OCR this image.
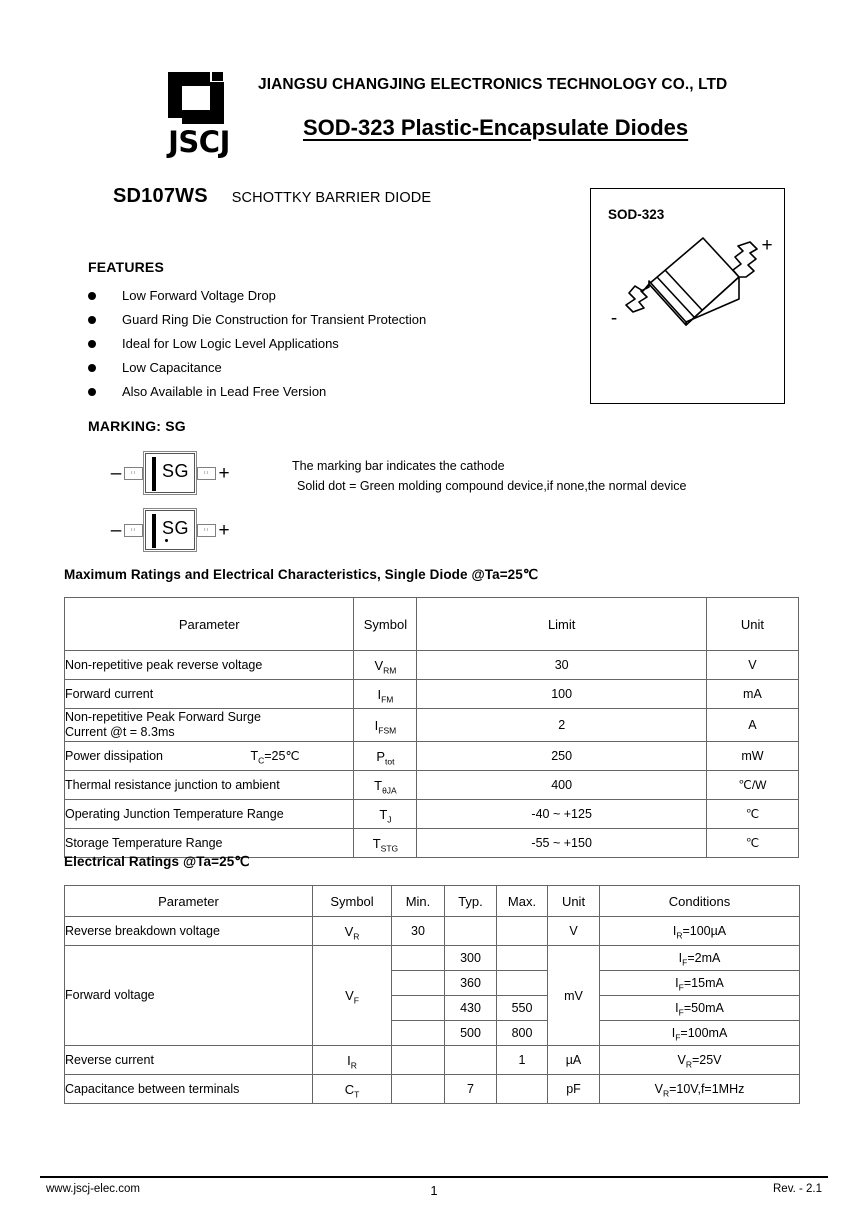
JSCJ
JIANGSU CHANGJING ELECTRONICS TECHNOLOGY CO., LTD
SOD-323 Plastic-Encapsulate Diodes
SD107WS SCHOTTKY BARRIER DIODE
FEATURES
Low Forward Voltage Drop
Guard Ring Die Construction for Transient Protection
Ideal for Low Logic Level Applications
Low Capacitance
Also Available in Lead Free Version
SOD-323
+
-
MARKING: SG
–	ıı	SG	ıı +
–	ıı	SG	ıı +
The marking bar indicates the cathode
Solid dot = Green molding compound device,if none,the normal device
Maximum Ratings and Electrical Characteristics, Single Diode @Ta=25℃
Parameter	Symbol	Limit	Unit
Non-repetitive peak reverse voltage	$V_{RM}$	30	V
Forward current	$I_{FM}$	100	mA

Non-repetitive Peak Forward Surge
Current @t = 8.3ms	$I_{FSM}$	2	A
Power dissipation $T_C=25℃$	$P_{tot}$	250	mW
Thermal resistance junction to ambient	$T_{\theta JA}$	400	℃/W
Operating Junction Temperature Range	$T_J$	-40 ~ +125	℃
Storage Temperature Range	$T_{STG}$	-55 ~ +150	℃
Electrical Ratings @Ta=25℃
Parameter	Symbol	Min.	Typ.	Max.	Unit	Conditions
Reverse breakdown voltage	$V_R$	30			V	$I_R=100\mu A$
Forward voltage	$V_F$		300		mV	$I_F=2mA$
			360			$I_F=15mA$
			430	550		$I_F=50mA$
			500	800		$I_F=100mA$
Reverse current	$I_R$			1	µA	$V_R=25V$
Capacitance between terminals	$C_T$		7		pF	$V_R=10V,f=1MHz$
www.jscj-elec.com	1	Rev. - 2.1
